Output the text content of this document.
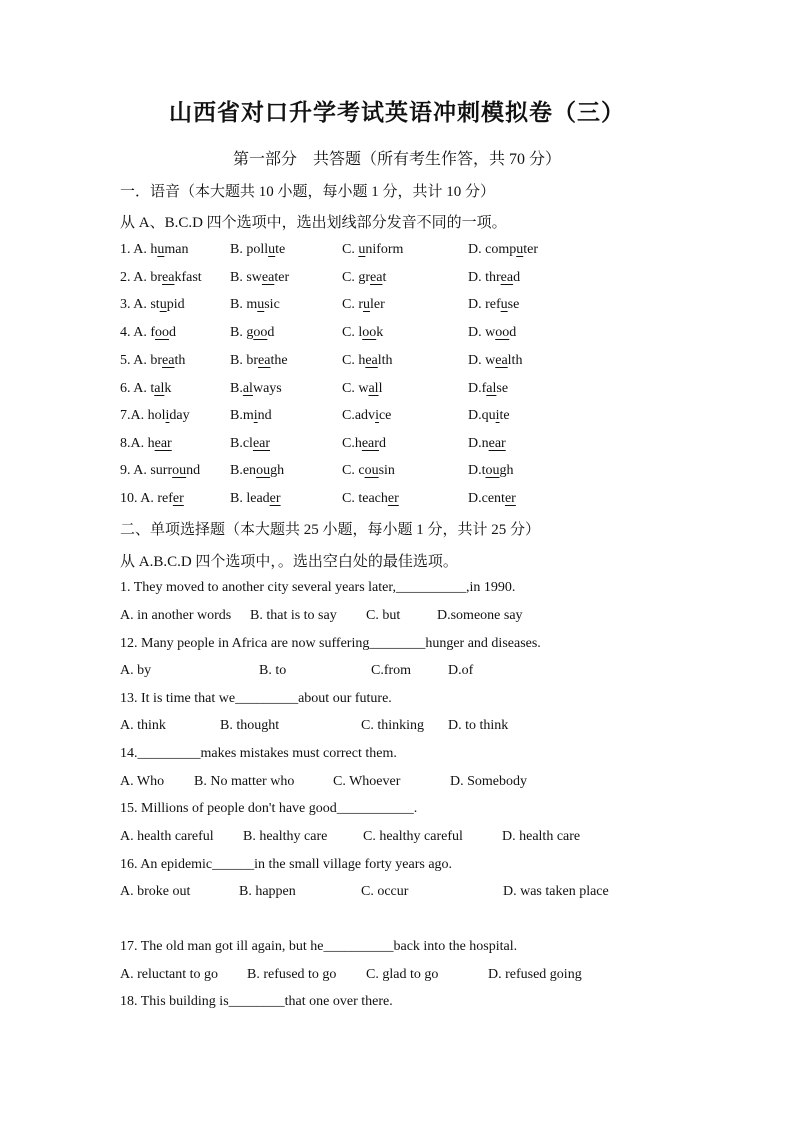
山西省对口升学考试英语冲刺模拟卷（三）
第一部分　共答题（所有考生作答，共 70 分）
一．语音（本大题共 10 小题，每小题 1 分，共计 10 分）
从 A、B.C.D 四个选项中，选出划线部分发音不同的一项。
1. A. human	B. pollute	C. uniform	D. computer
2. A. breakfast B. sweater	C. great	D. thread
3. A. stupid	B. music	C. ruler	D. refuse
4. A. food	B. good	C. look	D. wood
5. A. breath	B. breathe	C. health	D. wealth
6. A. talk	B.always	C. wall	D.false
7.A. holiday	B.mind	C.advice	D.quite
8.A. hear	B.clear	C.heard	D.near
9. A. surround B.enough	C. cousin	D.tough
10. A. refer	B. leader	C. teacher	D.center
二、单项选择题（本大题共 25 小题，每小题 1 分，共计 25 分）
从 A.B.C.D 四个选项中，。选出空白处的最佳选项。
1. They moved to another city several years later,__________,in 1990.
A. in another words B. that is to say C. but	D.someone say
12. Many people in Africa are now suffering________hunger and diseases.
A. by	B. to	C.from	D.of
13. It is time that we_________about our future.
A. think	B. thought	C. thinking D. to think
14._________makes mistakes must correct them.
A. Who B. No matter who	C. Whoever	D. Somebody
15. Millions of people don't have good___________.
A. health careful B. healthy care	C. healthy careful	D. health care
16. An epidemic______in the small village forty years ago.
A. broke out	B. happen	C. occur	D. was taken place
17. The old man got ill again, but he__________back into the hospital.
A. reluctant to go B. refused to go C. glad to go	D. refused going
18. This building is________that one over there.
